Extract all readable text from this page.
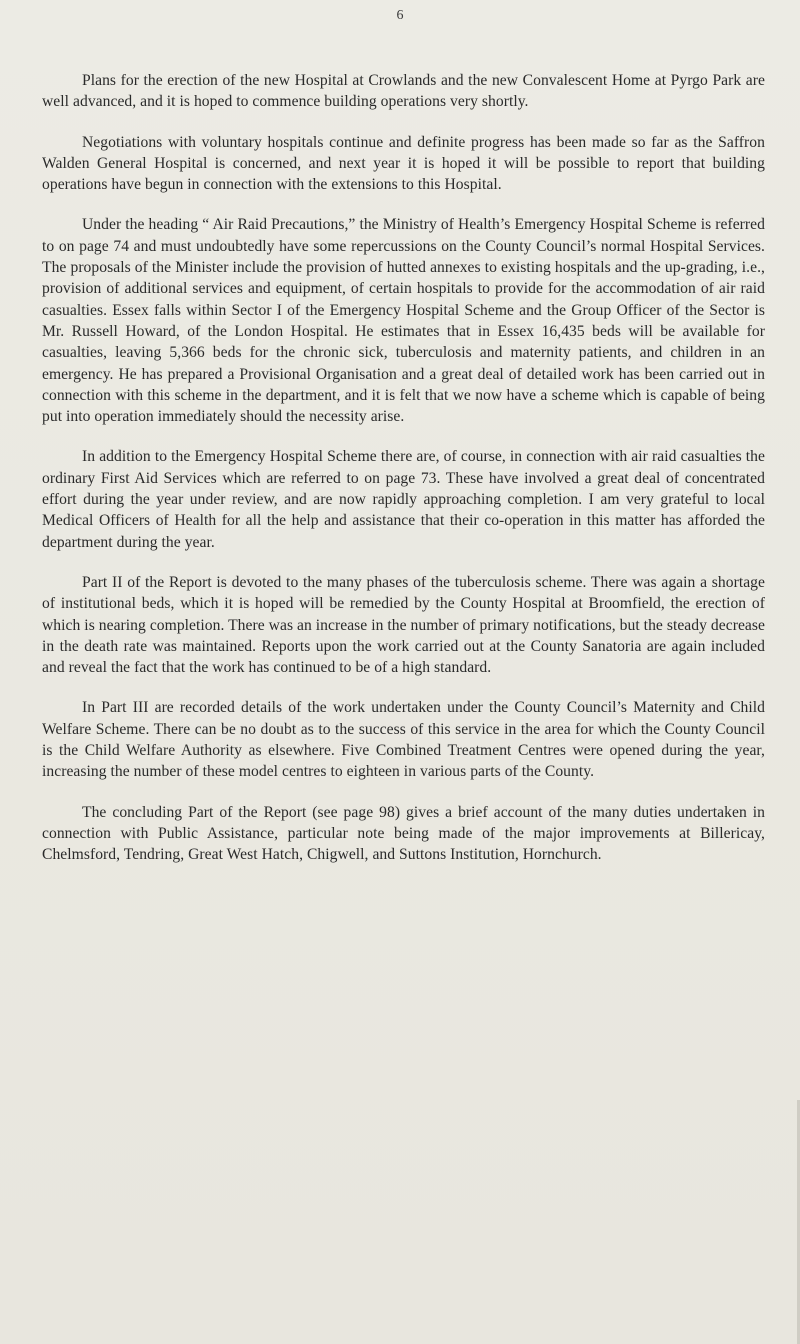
6

Plans for the erection of the new Hospital at Crowlands and the new Convalescent Home at Pyrgo Park are well advanced, and it is hoped to commence building operations very shortly.

Negotiations with voluntary hospitals continue and definite progress has been made so far as the Saffron Walden General Hospital is concerned, and next year it is hoped it will be possible to report that building operations have begun in connection with the extensions to this Hospital.

Under the heading “ Air Raid Precautions,” the Ministry of Health’s Emergency Hospital Scheme is referred to on page 74 and must undoubtedly have some repercussions on the County Council’s normal Hospital Services. The proposals of the Minister include the provision of hutted annexes to existing hospitals and the up-grading, i.e., provision of additional services and equipment, of certain hospitals to provide for the accommodation of air raid casualties. Essex falls within Sector I of the Emergency Hospital Scheme and the Group Officer of the Sector is Mr. Russell Howard, of the London Hospital. He estimates that in Essex 16,435 beds will be available for casualties, leaving 5,366 beds for the chronic sick, tuberculosis and maternity patients, and children in an emergency. He has prepared a Provisional Organisation and a great deal of detailed work has been carried out in connection with this scheme in the department, and it is felt that we now have a scheme which is capable of being put into operation immediately should the necessity arise.

In addition to the Emergency Hospital Scheme there are, of course, in connection with air raid casualties the ordinary First Aid Services which are referred to on page 73. These have involved a great deal of concentrated effort during the year under review, and are now rapidly approaching completion. I am very grateful to local Medical Officers of Health for all the help and assistance that their co-operation in this matter has afforded the department during the year.

Part II of the Report is devoted to the many phases of the tuberculosis scheme. There was again a shortage of institutional beds, which it is hoped will be remedied by the County Hospital at Broomfield, the erection of which is nearing completion. There was an increase in the number of primary notifications, but the steady decrease in the death rate was maintained. Reports upon the work carried out at the County Sanatoria are again included and reveal the fact that the work has continued to be of a high standard.

In Part III are recorded details of the work undertaken under the County Council’s Maternity and Child Welfare Scheme. There can be no doubt as to the success of this service in the area for which the County Council is the Child Welfare Authority as elsewhere. Five Combined Treatment Centres were opened during the year, increasing the number of these model centres to eighteen in various parts of the County.

The concluding Part of the Report (see page 98) gives a brief account of the many duties undertaken in connection with Public Assistance, particular note being made of the major improvements at Billericay, Chelmsford, Tendring, Great West Hatch, Chigwell, and Suttons Institution, Hornchurch.
